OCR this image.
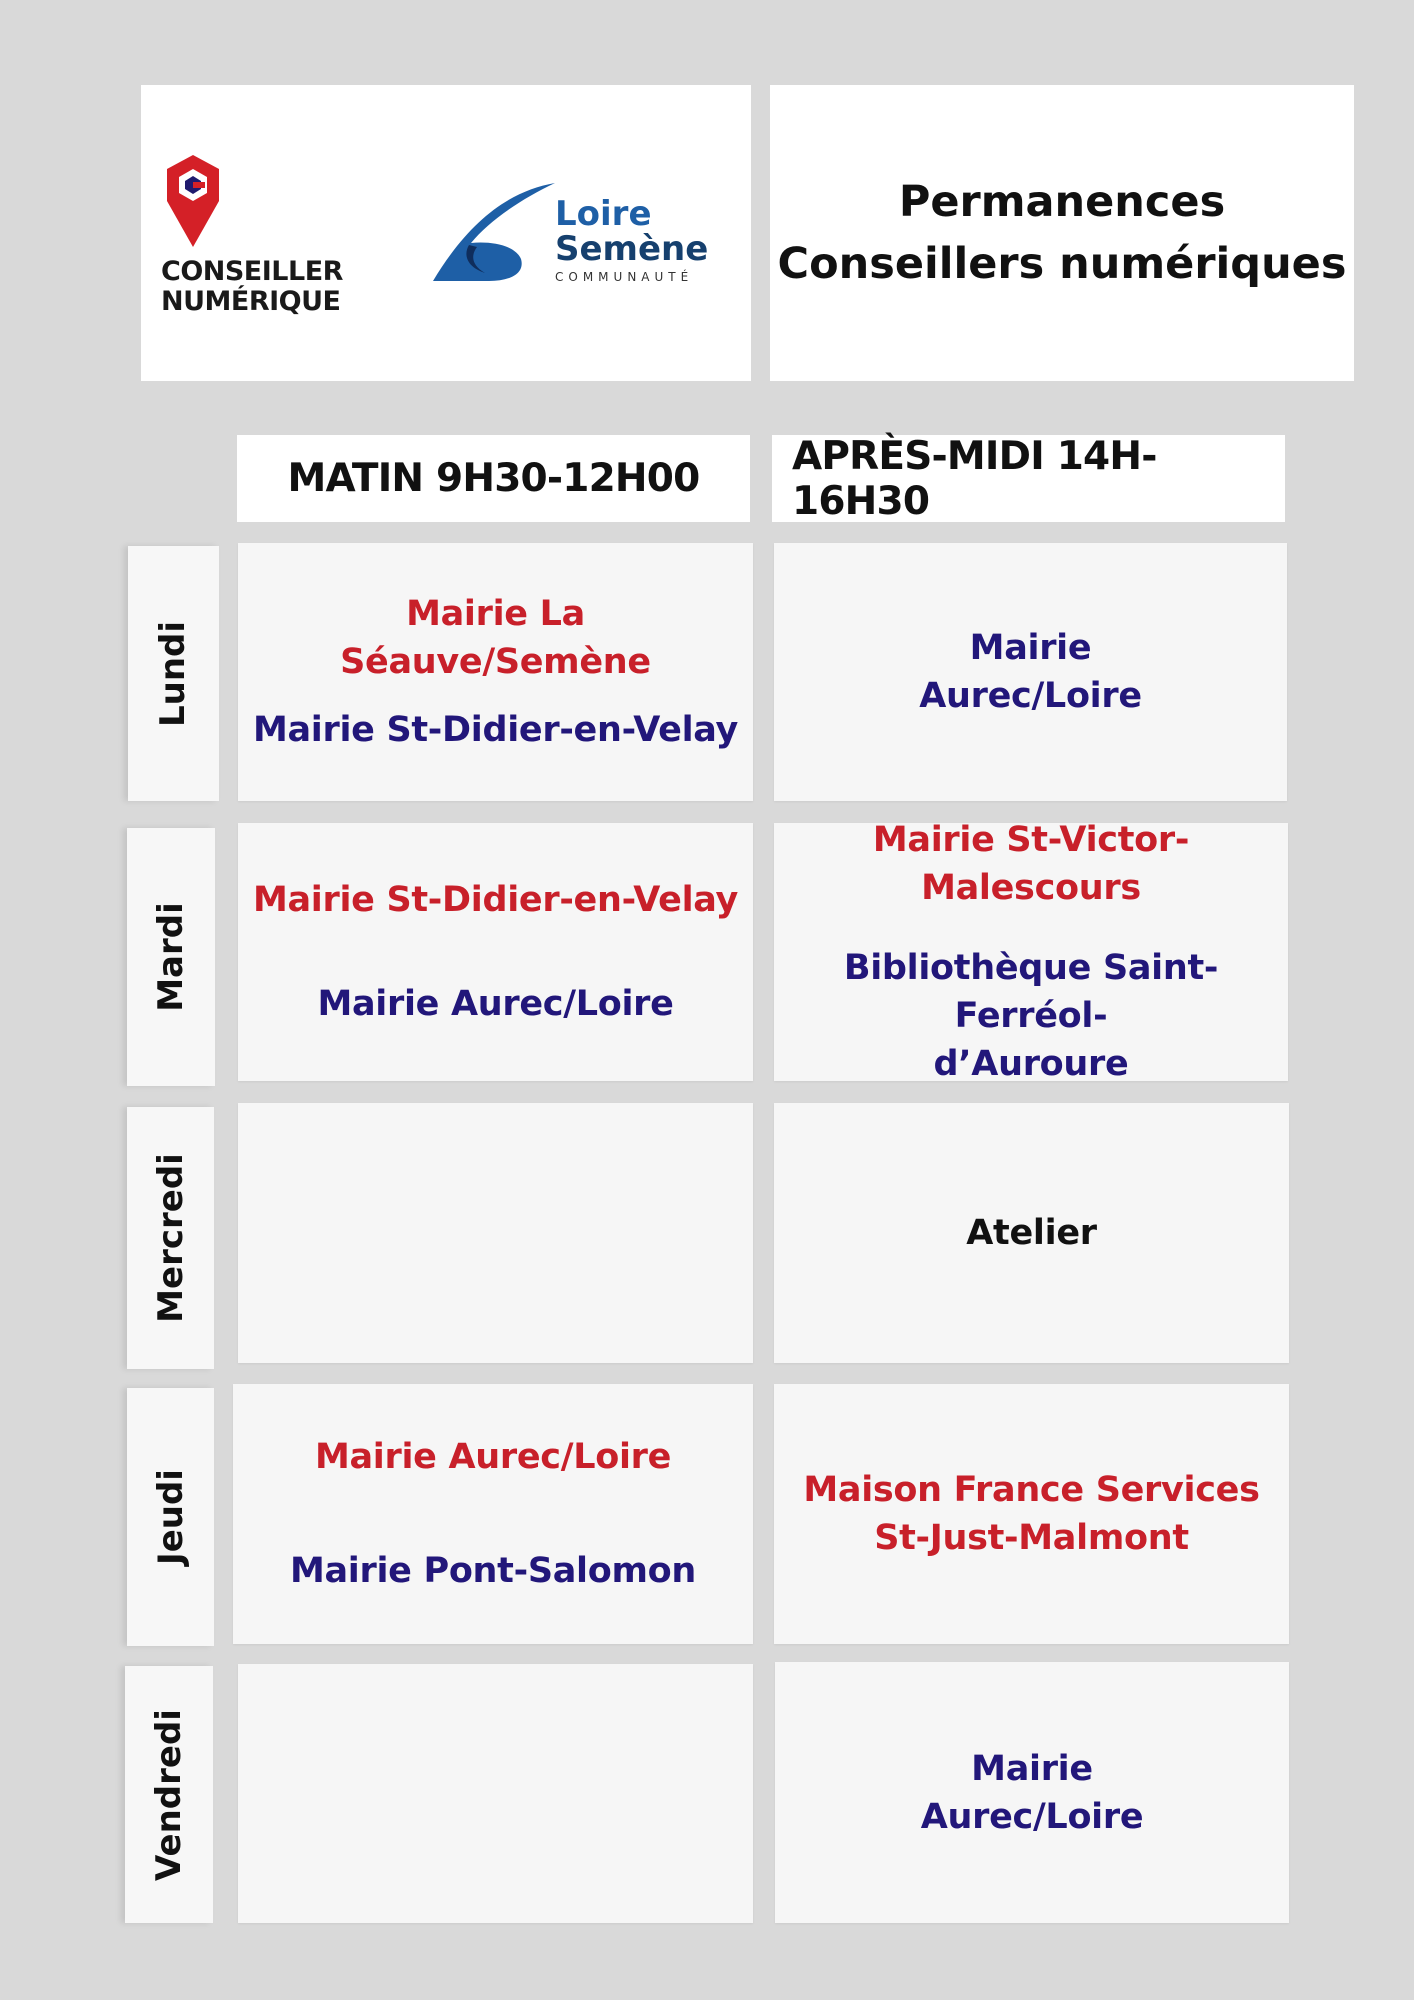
CONSEILLER
NUMÉRIQUE
Loire
Semène
COMMUNAUTÉ
Permanences
Conseillers numériques
MATIN 9H30-12H00	APRÈS-MIDI 14H-16H30
Lundi
Mardi
Mercredi
Jeudi
Vendredi
Mairie La
Séauve/Semène
Mairie St-Didier-en-Velay
Mairie
Aurec/Loire
Mairie St-Didier-en-Velay
Mairie Aurec/Loire
Mairie St-Victor-Malescours
Bibliothèque Saint-Ferréol-
d’Auroure
Atelier
Mairie Aurec/Loire
Mairie Pont-Salomon
Maison France Services
St-Just-Malmont
Mairie
Aurec/Loire
